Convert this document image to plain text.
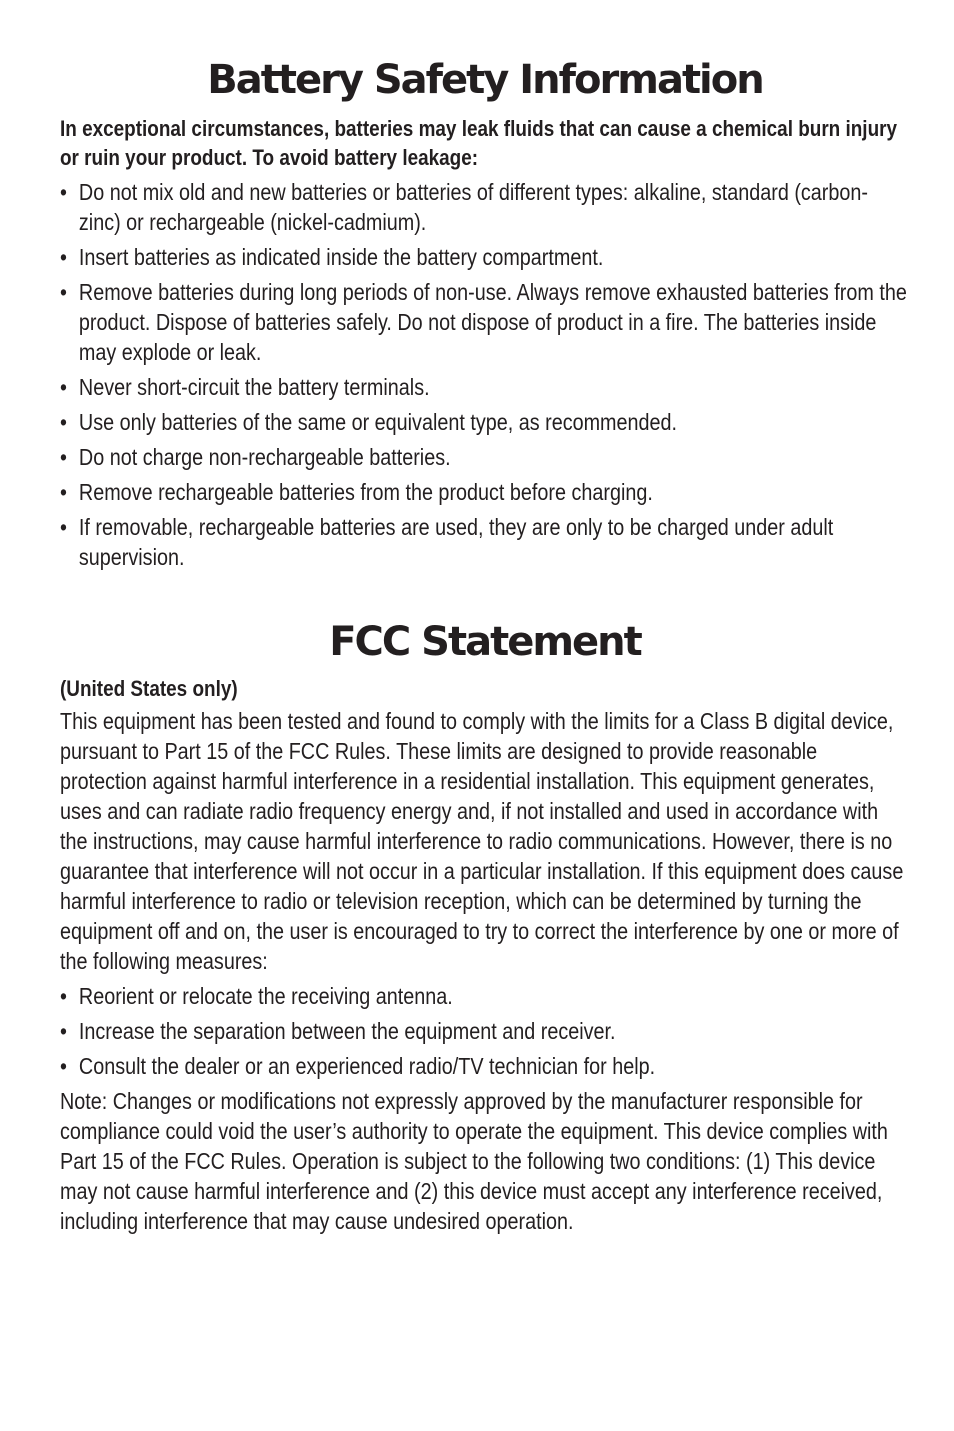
Battery Safety Information
In exceptional circumstances, batteries may leak fluids that can cause a chemical burn injury or ruin your product. To avoid battery leakage:
• Do not mix old and new batteries or batteries of different types: alkaline, standard (carbon-zinc) or rechargeable (nickel-cadmium).
• Insert batteries as indicated inside the battery compartment.
• Remove batteries during long periods of non-use. Always remove exhausted batteries from the product. Dispose of batteries safely. Do not dispose of product in a fire. The batteries inside may explode or leak.
• Never short-circuit the battery terminals.
• Use only batteries of the same or equivalent type, as recommended.
• Do not charge non-rechargeable batteries.
• Remove rechargeable batteries from the product before charging.
• If removable, rechargeable batteries are used, they are only to be charged under adult supervision.
FCC Statement
(United States only)
This equipment has been tested and found to comply with the limits for a Class B digital device, pursuant to Part 15 of the FCC Rules. These limits are designed to provide reasonable protection against harmful interference in a residential installation. This equipment generates, uses and can radiate radio frequency energy and, if not installed and used in accordance with the instructions, may cause harmful interference to radio communications. However, there is no guarantee that interference will not occur in a particular installation. If this equipment does cause harmful interference to radio or television reception, which can be determined by turning the equipment off and on, the user is encouraged to try to correct the interference by one or more of the following measures:
• Reorient or relocate the receiving antenna.
• Increase the separation between the equipment and receiver.
• Consult the dealer or an experienced radio/TV technician for help.
Note: Changes or modifications not expressly approved by the manufacturer responsible for compliance could void the user’s authority to operate the equipment. This device complies with Part 15 of the FCC Rules. Operation is subject to the following two conditions: (1) This device may not cause harmful interference and (2) this device must accept any interference received, including interference that may cause undesired operation.
